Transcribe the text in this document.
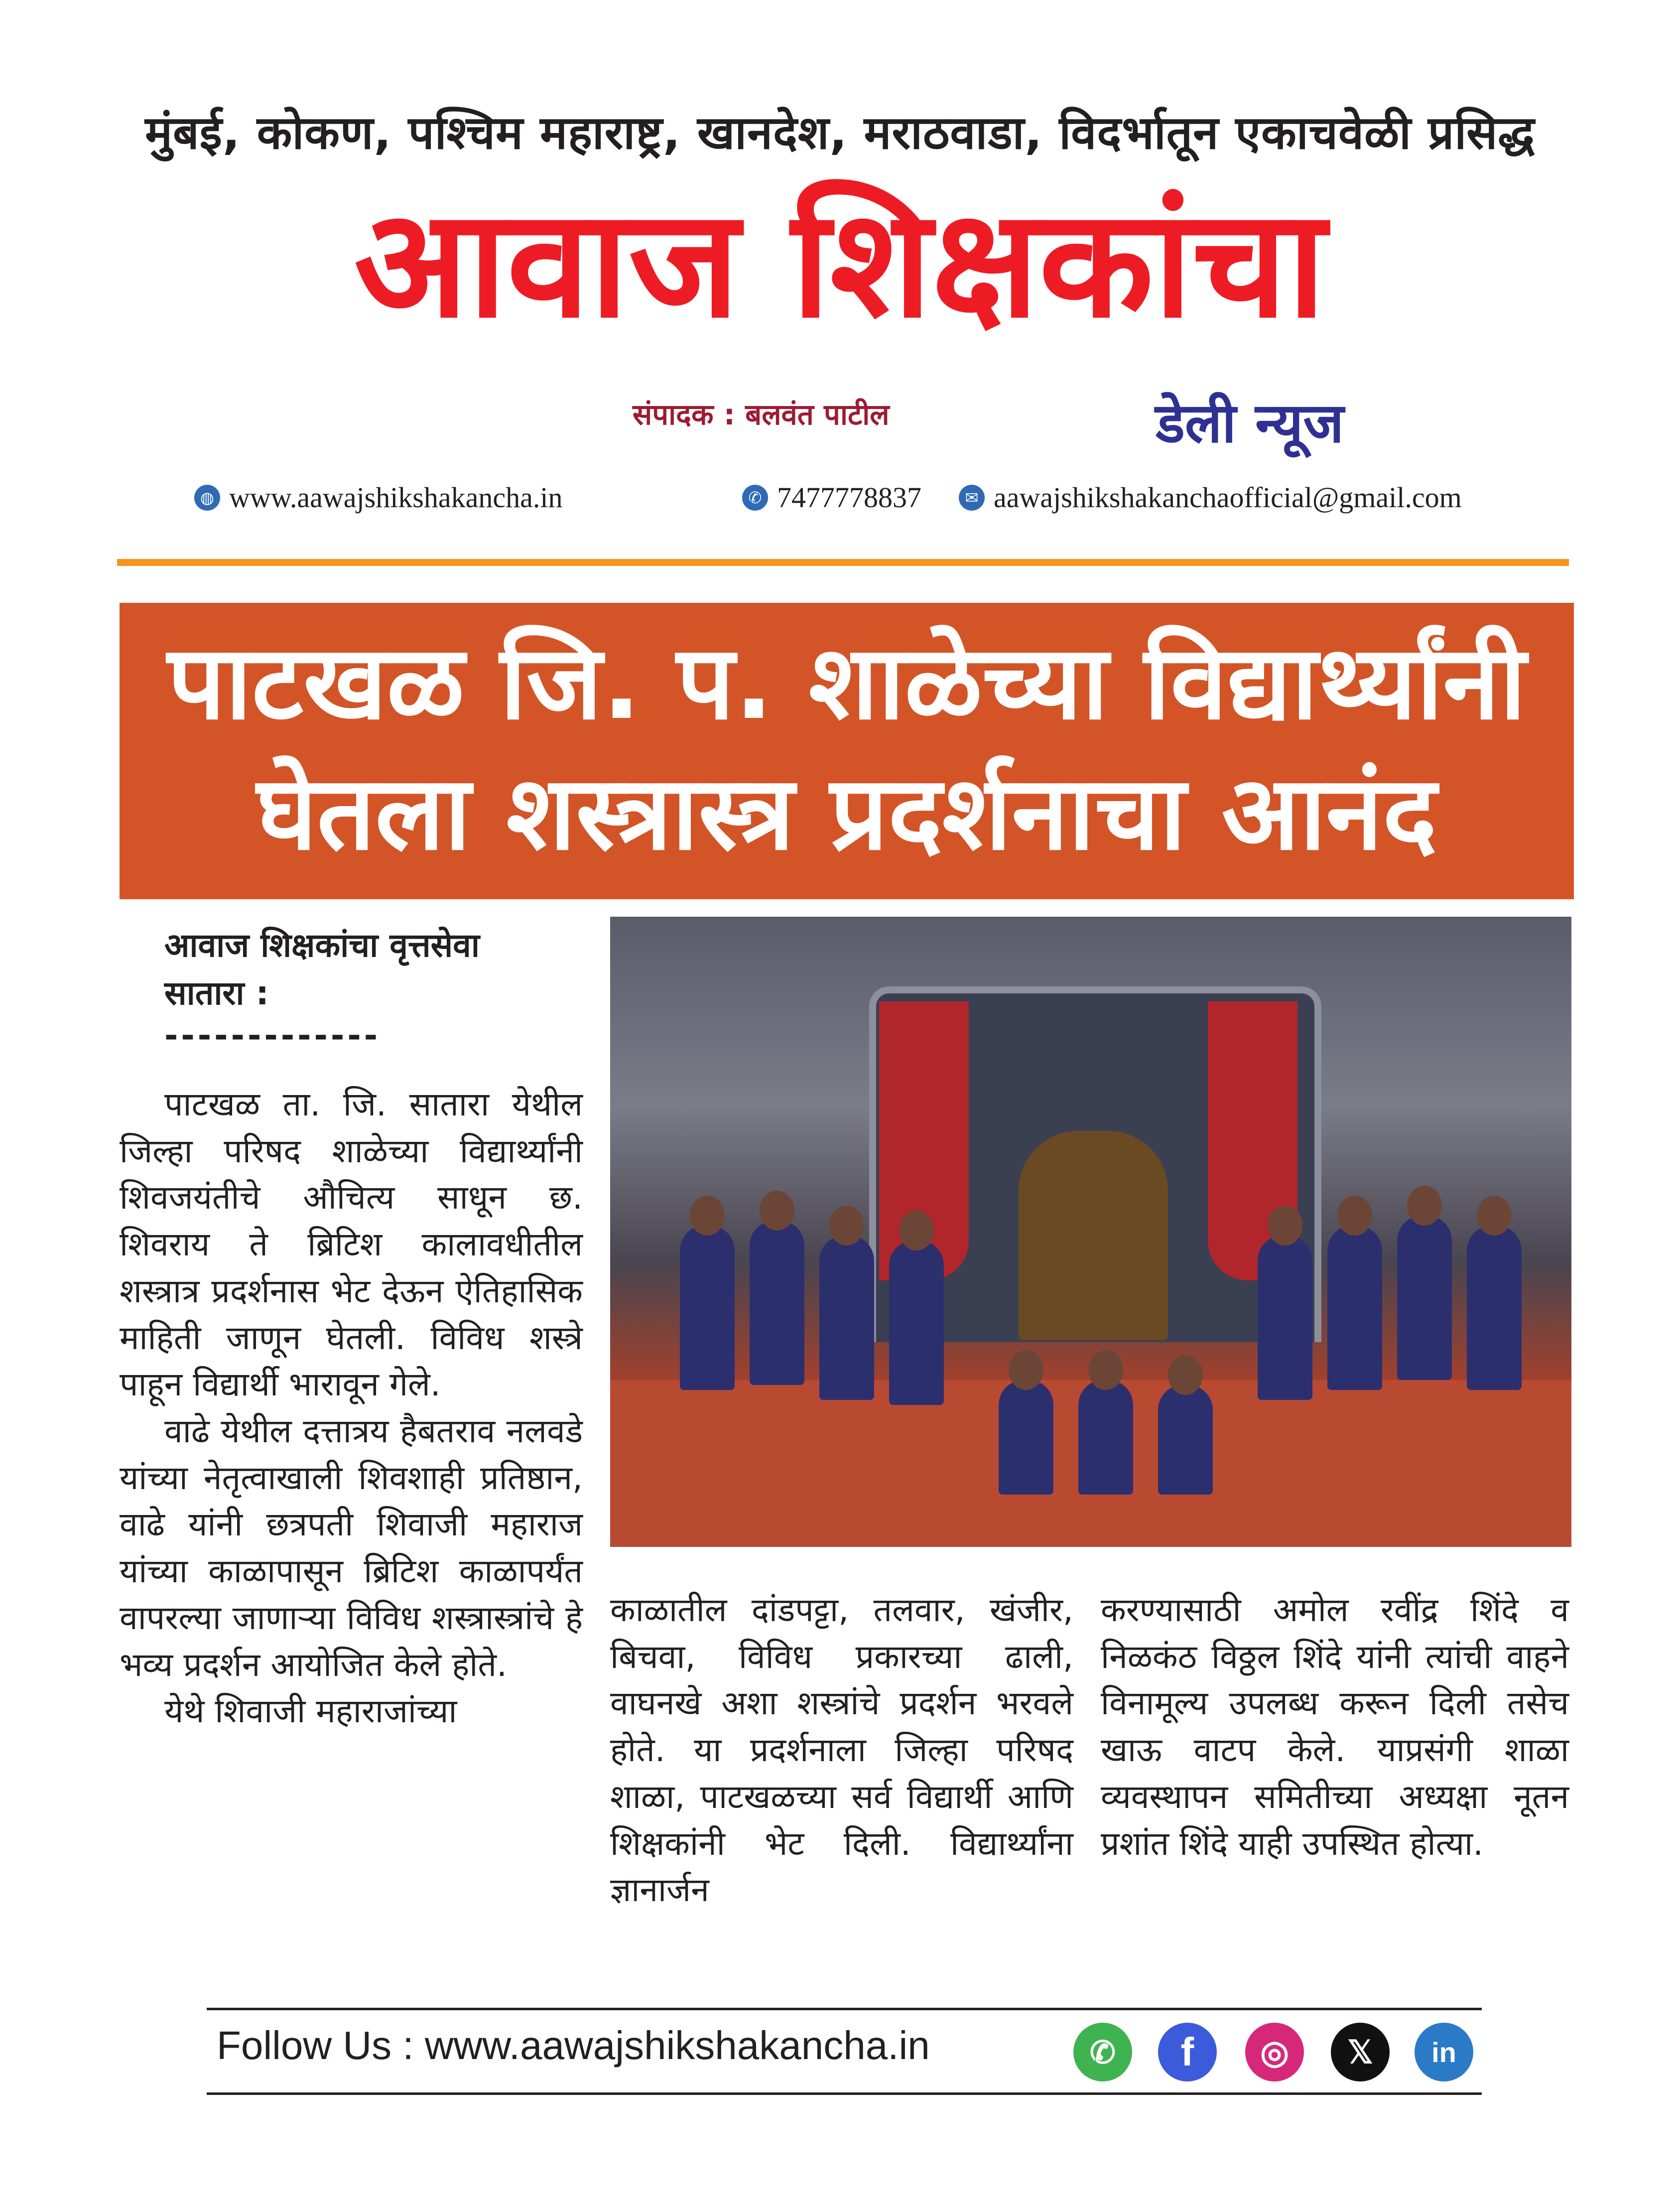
मुंबई, कोकण, पश्चिम महाराष्ट्र, खानदेश, मराठवाडा, विदर्भातून एकाचवेळी प्रसिद्ध
आवाज शिक्षकांचा
संपादक : बलवंत पाटील	डेली न्यूज
◍ www.aawajshikshakancha.in	✆ 7477778837	✉ aawajshikshakanchaofficial@gmail.com
पाटखळ जि. प. शाळेच्या विद्यार्थ्यांनी
घेतला शस्त्रास्त्र प्रदर्शनाचा आनंद
आवाज शिक्षकांचा वृत्तसेवा
सातारा :
-------------

पाटखळ ता. जि. सातारा येथील जिल्हा परिषद शाळेच्या विद्यार्थ्यांनी शिवजयंतीचे औचित्य साधून छ. शिवराय ते ब्रिटिश कालावधीतील शस्त्रात्र प्रदर्शनास भेट देऊन ऐतिहासिक माहिती जाणून घेतली. विविध शस्त्रे पाहून विद्यार्थी भारावून गेले.

वाढे येथील दत्तात्रय हैबतराव नलवडे यांच्या नेतृत्वाखाली शिवशाही प्रतिष्ठान, वाढे यांनी छत्रपती शिवाजी महाराज यांच्या काळापासून ब्रिटिश काळापर्यंत वापरल्या जाणाऱ्या विविध शस्त्रास्त्रांचे हे भव्य प्रदर्शन आयोजित केले होते.

येथे शिवाजी महाराजांच्या

काळातील दांडपट्टा, तलवार, खंजीर, बिचवा, विविध प्रकारच्या ढाली, वाघनखे अशा शस्त्रांचे प्रदर्शन भरवले होते. या प्रदर्शनाला जिल्हा परिषद शाळा, पाटखळच्या सर्व विद्यार्थी आणि शिक्षकांनी भेट दिली. विद्यार्थ्यांना ज्ञानार्जन

करण्यासाठी अमोल रवींद्र शिंदे व निळकंठ विठ्ठल शिंदे यांनी त्यांची वाहने विनामूल्य उपलब्ध करून दिली तसेच खाऊ वाटप केले. याप्रसंगी शाळा व्यवस्थापन समितीच्या अध्यक्षा नूतन प्रशांत शिंदे याही उपस्थित होत्या.

Follow Us : www.aawajshikshakancha.in	✆ f ◎ 𝕏 in
